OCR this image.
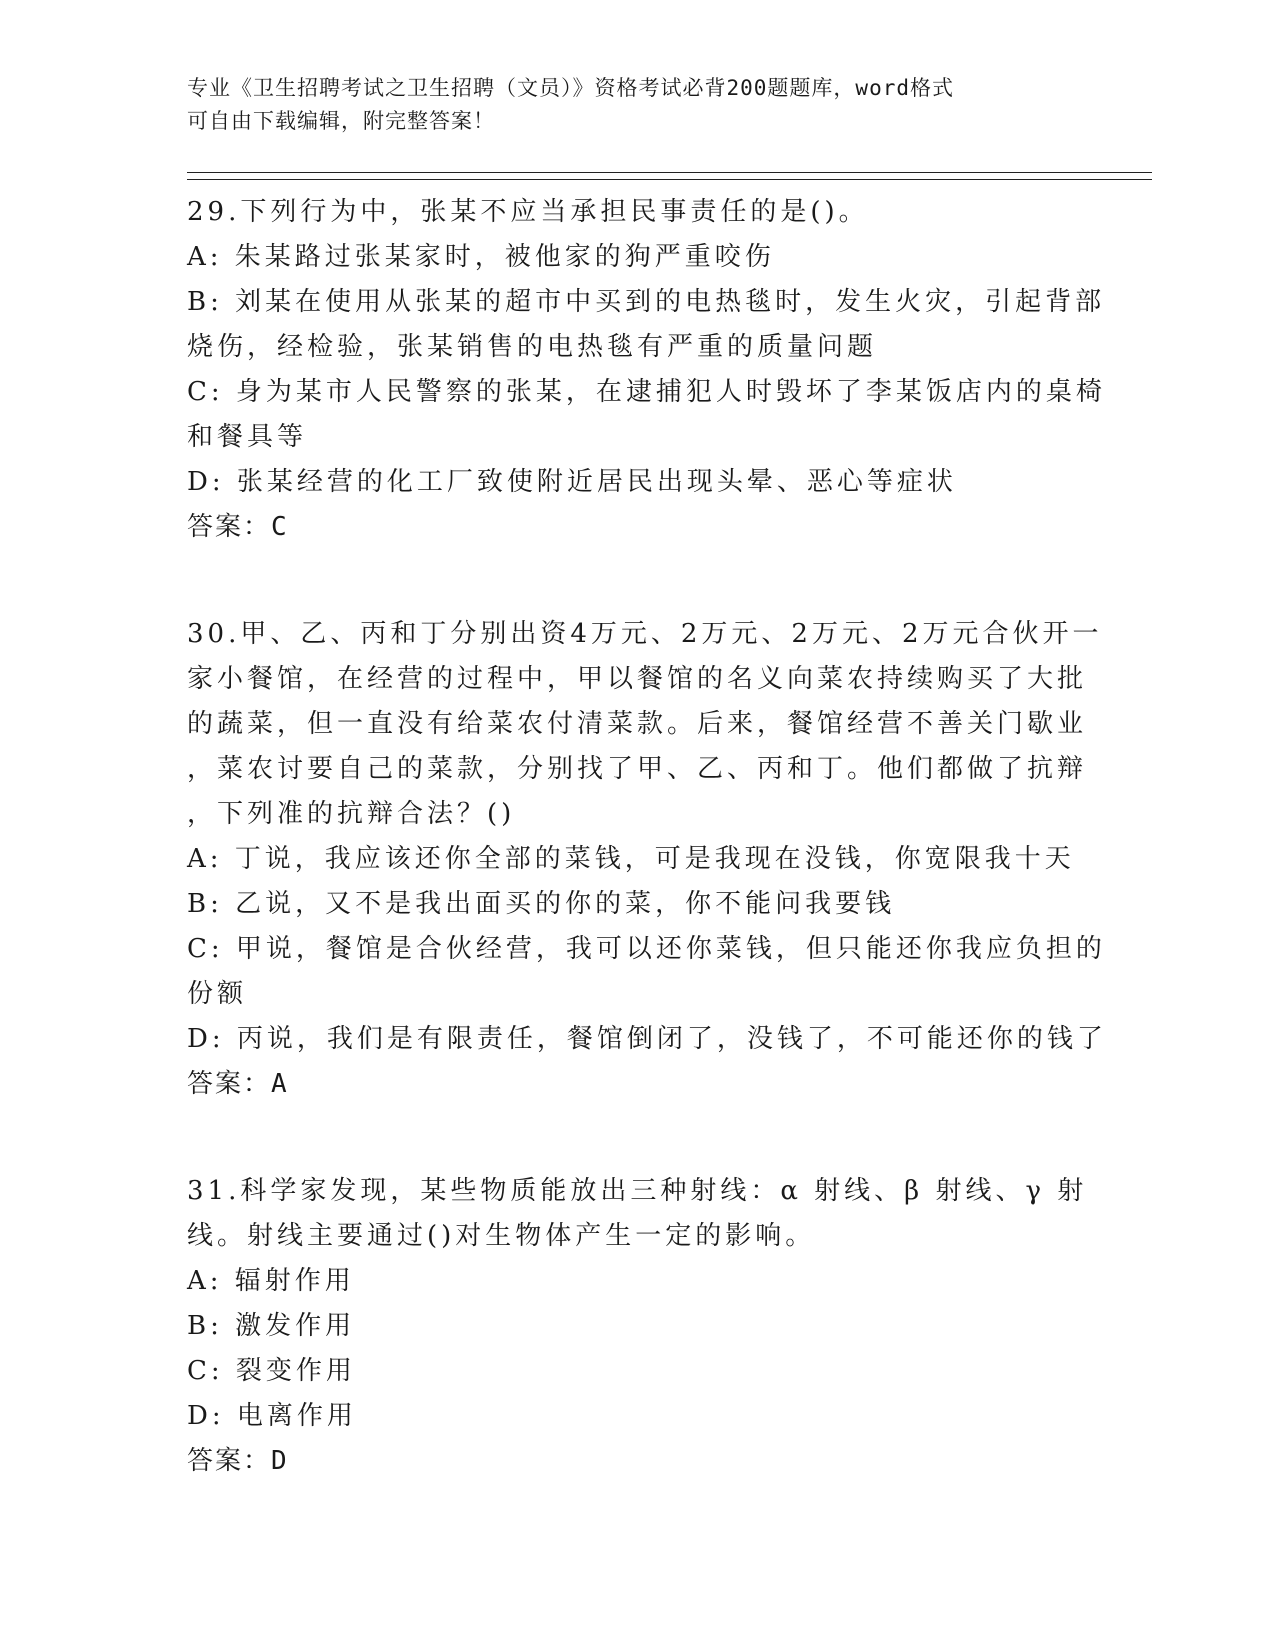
专业《卫生招聘考试之卫生招聘（文员）》资格考试必背200题题库，word格式
可自由下载编辑，附完整答案！
29.下列行为中，张某不应当承担民事责任的是()。
A: 朱某路过张某家时，被他家的狗严重咬伤
B: 刘某在使用从张某的超市中买到的电热毯时，发生火灾，引起背部
烧伤，经检验，张某销售的电热毯有严重的质量问题
C: 身为某市人民警察的张某，在逮捕犯人时毁坏了李某饭店内的桌椅
和餐具等
D: 张某经营的化工厂致使附近居民出现头晕、恶心等症状
答案：C
30.甲、乙、丙和丁分别出资4万元、2万元、2万元、2万元合伙开一
家小餐馆，在经营的过程中，甲以餐馆的名义向菜农持续购买了大批
的蔬菜，但一直没有给菜农付清菜款。后来，餐馆经营不善关门歇业
，菜农讨要自己的菜款，分别找了甲、乙、丙和丁。他们都做了抗辩
，下列准的抗辩合法？()
A: 丁说，我应该还你全部的菜钱，可是我现在没钱，你宽限我十天
B: 乙说，又不是我出面买的你的菜，你不能问我要钱
C: 甲说，餐馆是合伙经营，我可以还你菜钱，但只能还你我应负担的
份额
D: 丙说，我们是有限责任，餐馆倒闭了，没钱了，不可能还你的钱了
答案：A
31.科学家发现，某些物质能放出三种射线：α 射线、β 射线、γ 射
线。射线主要通过()对生物体产生一定的影响。
A: 辐射作用
B: 激发作用
C: 裂变作用
D: 电离作用
答案：D
